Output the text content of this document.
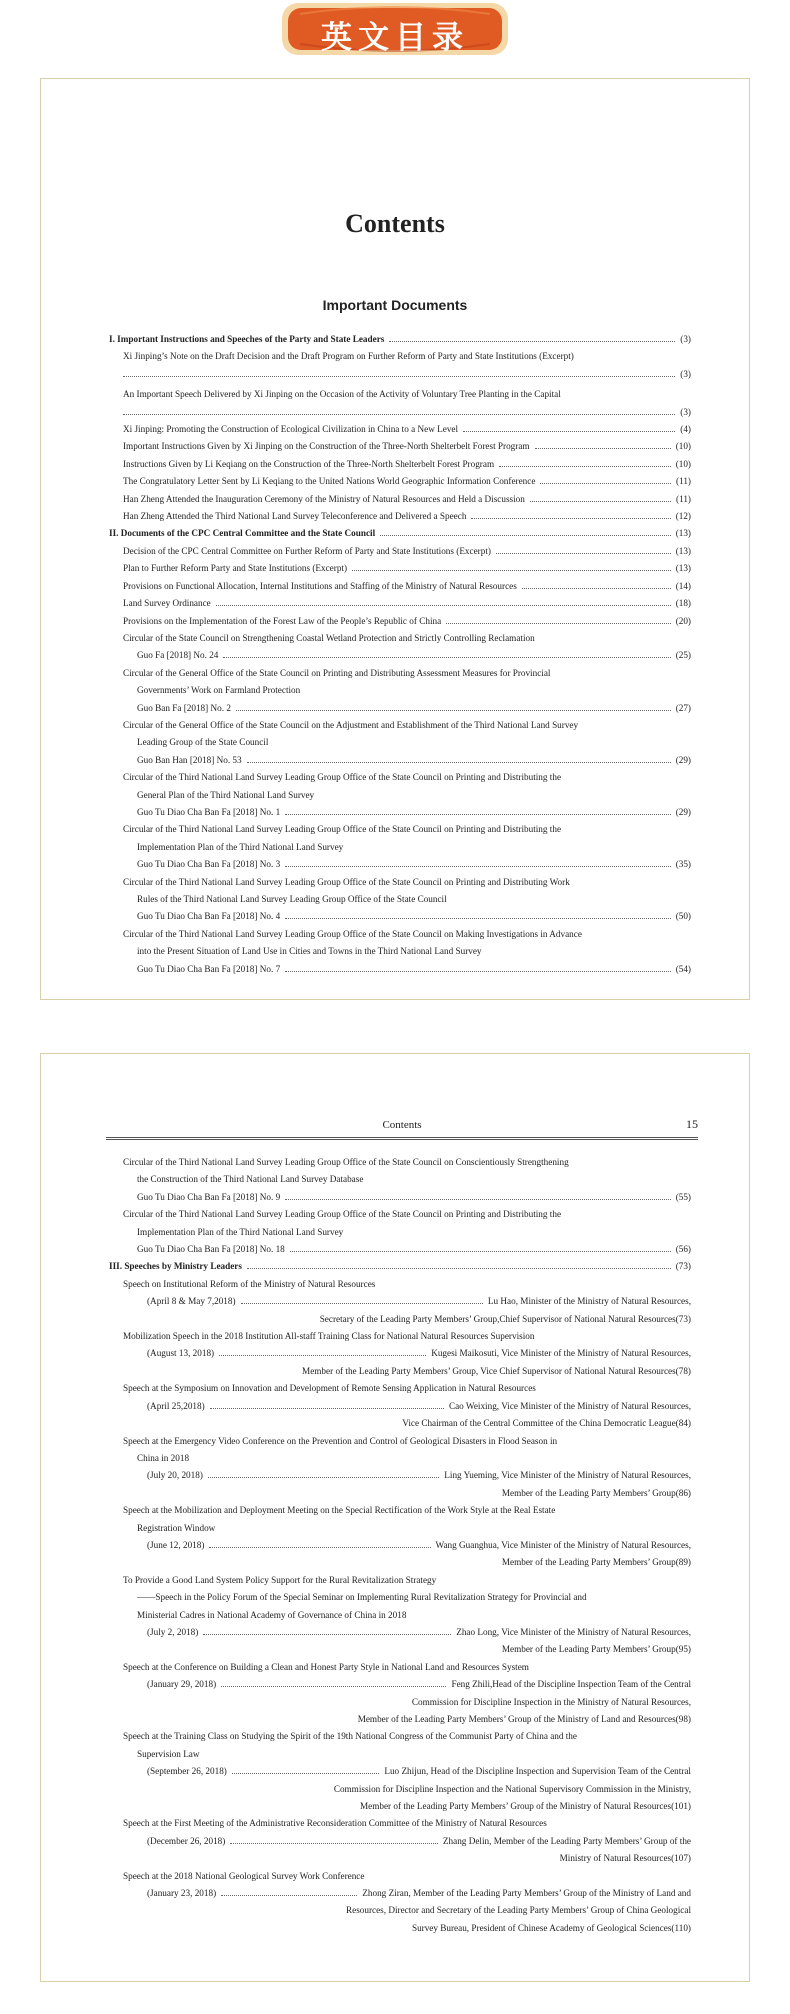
英文目录
Contents
Important Documents
I. Important Instructions and Speeches of the Party and State Leaders	(3)
Xi Jinping’s Note on the Draft Decision and the Draft Program on Further Reform of Party and State Institutions (Excerpt)
(3)
An Important Speech Delivered by Xi Jinping on the Occasion of the Activity of Voluntary Tree Planting in the Capital
(3)
Xi Jinping: Promoting the Construction of Ecological Civilization in China to a New Level	(4)
Important Instructions Given by Xi Jinping on the Construction of the Three-North Shelterbelt Forest Program	(10)
Instructions Given by Li Keqiang on the Construction of the Three-North Shelterbelt Forest Program	(10)
The Congratulatory Letter Sent by Li Keqiang to the United Nations World Geographic Information Conference	(11)
Han Zheng Attended the Inauguration Ceremony of the Ministry of Natural Resources and Held a Discussion	(11)
Han Zheng Attended the Third National Land Survey Teleconference and Delivered a Speech	(12)
II. Documents of the CPC Central Committee and the State Council	(13)
Decision of the CPC Central Committee on Further Reform of Party and State Institutions (Excerpt)	(13)
Plan to Further Reform Party and State Institutions (Excerpt)	(13)
Provisions on Functional Allocation, Internal Institutions and Staffing of the Ministry of Natural Resources	(14)
Land Survey Ordinance	(18)
Provisions on the Implementation of the Forest Law of the People’s Republic of China	(20)
Circular of the State Council on Strengthening Coastal Wetland Protection and Strictly Controlling Reclamation
Guo Fa [2018] No. 24	(25)
Circular of the General Office of the State Council on Printing and Distributing Assessment Measures for Provincial
Governments’ Work on Farmland Protection
Guo Ban Fa [2018] No. 2	(27)
Circular of the General Office of the State Council on the Adjustment and Establishment of the Third National Land Survey
Leading Group of the State Council
Guo Ban Han [2018] No. 53	(29)
Circular of the Third National Land Survey Leading Group Office of the State Council on Printing and Distributing the
General Plan of the Third National Land Survey
Guo Tu Diao Cha Ban Fa [2018] No. 1	(29)
Circular of the Third National Land Survey Leading Group Office of the State Council on Printing and Distributing the
Implementation Plan of the Third National Land Survey
Guo Tu Diao Cha Ban Fa [2018] No. 3	(35)
Circular of the Third National Land Survey Leading Group Office of the State Council on Printing and Distributing Work
Rules of the Third National Land Survey Leading Group Office of the State Council
Guo Tu Diao Cha Ban Fa [2018] No. 4	(50)
Circular of the Third National Land Survey Leading Group Office of the State Council on Making Investigations in Advance
into the Present Situation of Land Use in Cities and Towns in the Third National Land Survey
Guo Tu Diao Cha Ban Fa [2018] No. 7	(54)
Contents	15
Circular of the Third National Land Survey Leading Group Office of the State Council on Conscientiously Strengthening
the Construction of the Third National Land Survey Database
Guo Tu Diao Cha Ban Fa [2018] No. 9	(55)
Circular of the Third National Land Survey Leading Group Office of the State Council on Printing and Distributing the
Implementation Plan of the Third National Land Survey
Guo Tu Diao Cha Ban Fa [2018] No. 18	(56)
III. Speeches by Ministry Leaders	(73)
Speech on Institutional Reform of the Ministry of Natural Resources
(April 8 & May 7,2018)	Lu Hao, Minister of the Ministry of Natural Resources,
Secretary of the Leading Party Members’ Group,Chief Supervisor of National Natural Resources(73)
Mobilization Speech in the 2018 Institution All-staff Training Class for National Natural Resources Supervision
(August 13, 2018)	Kugesi Maikosuti, Vice Minister of the Ministry of Natural Resources,
Member of the Leading Party Members’ Group, Vice Chief Supervisor of National Natural Resources(78)
Speech at the Symposium on Innovation and Development of Remote Sensing Application in Natural Resources
(April 25,2018)	Cao Weixing, Vice Minister of the Ministry of Natural Resources,
Vice Chairman of the Central Committee of the China Democratic League(84)
Speech at the Emergency Video Conference on the Prevention and Control of Geological Disasters in Flood Season in
China in 2018
(July 20, 2018)	Ling Yueming, Vice Minister of the Ministry of Natural Resources,
Member of the Leading Party Members’ Group(86)
Speech at the Mobilization and Deployment Meeting on the Special Rectification of the Work Style at the Real Estate
Registration Window
(June 12, 2018)	Wang Guanghua, Vice Minister of the Ministry of Natural Resources,
Member of the Leading Party Members’ Group(89)
To Provide a Good Land System Policy Support for the Rural Revitalization Strategy
——Speech in the Policy Forum of the Special Seminar on Implementing Rural Revitalization Strategy for Provincial and
Ministerial Cadres in National Academy of Governance of China in 2018
(July 2, 2018)	Zhao Long, Vice Minister of the Ministry of Natural Resources,
Member of the Leading Party Members’ Group(95)
Speech at the Conference on Building a Clean and Honest Party Style in National Land and Resources System
(January 29, 2018)	Feng Zhili,Head of the Discipline Inspection Team of the Central
Commission for Discipline Inspection in the Ministry of Natural Resources,
Member of the Leading Party Members’ Group of the Ministry of Land and Resources(98)
Speech at the Training Class on Studying the Spirit of the 19th National Congress of the Communist Party of China and the
Supervision Law
(September 26, 2018)	Luo Zhijun, Head of the Discipline Inspection and Supervision Team of the Central
Commission for Discipline Inspection and the National Supervisory Commission in the Ministry,
Member of the Leading Party Members’ Group of the Ministry of Natural Resources(101)
Speech at the First Meeting of the Administrative Reconsideration Committee of the Ministry of Natural Resources
(December 26, 2018)	Zhang Delin, Member of the Leading Party Members’ Group of the
Ministry of Natural Resources(107)
Speech at the 2018 National Geological Survey Work Conference
(January 23, 2018)	Zhong Ziran, Member of the Leading Party Members’ Group of the Ministry of Land and
Resources, Director and Secretary of the Leading Party Members’ Group of China Geological
Survey Bureau, President of Chinese Academy of Geological Sciences(110)
